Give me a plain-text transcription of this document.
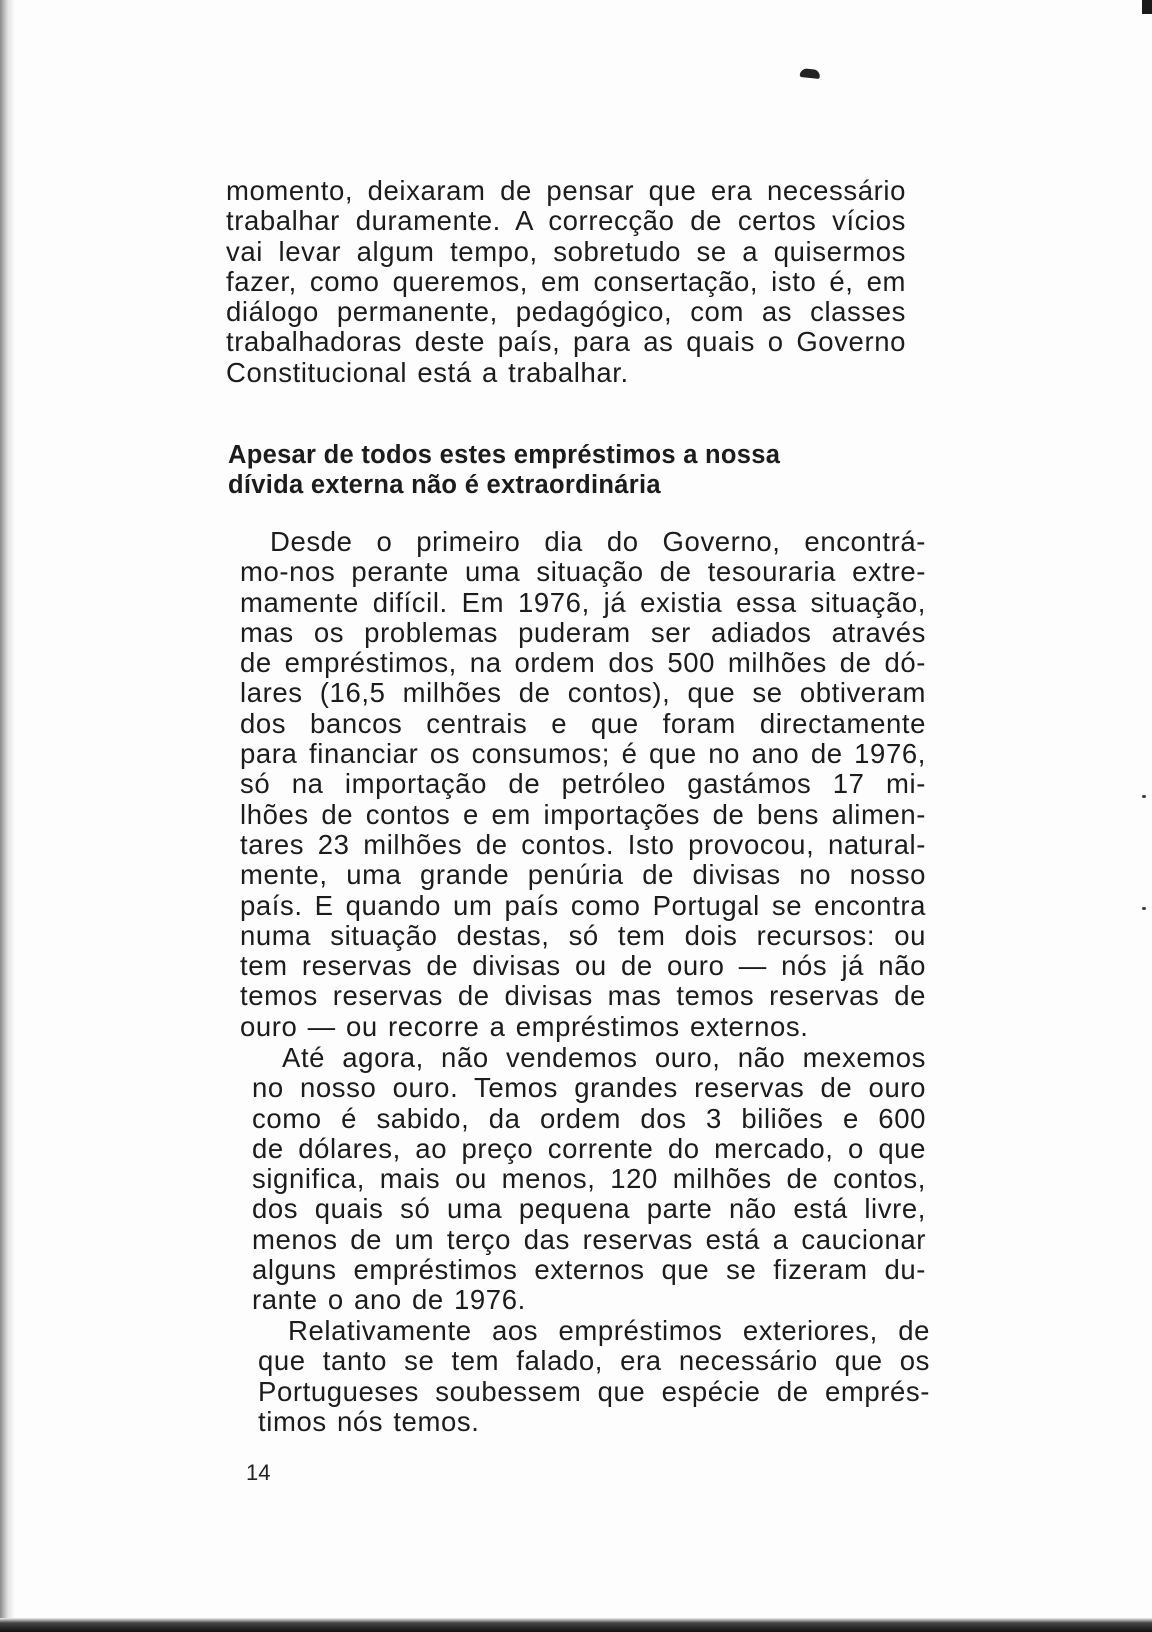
momento, deixaram de pensar que era necessário
trabalhar duramente. A correcção de certos vícios
vai levar algum tempo, sobretudo se a quisermos
fazer, como queremos, em consertação, isto é, em
diálogo permanente, pedagógico, com as classes
trabalhadoras deste país, para as quais o Governo
Constitucional está a trabalhar.
Apesar de todos estes empréstimos a nossa
dívida externa não é extraordinária
Desde o primeiro dia do Governo, encontrá-
mo-nos perante uma situação de tesouraria extre-
mamente difícil. Em 1976, já existia essa situação,
mas os problemas puderam ser adiados através
de empréstimos, na ordem dos 500 milhões de dó-
lares (16,5 milhões de contos), que se obtiveram
dos bancos centrais e que foram directamente
para financiar os consumos; é que no ano de 1976,
só na importação de petróleo gastámos 17 mi-
lhões de contos e em importações de bens alimen-
tares 23 milhões de contos. Isto provocou, natural-
mente, uma grande penúria de divisas no nosso
país. E quando um país como Portugal se encontra
numa situação destas, só tem dois recursos: ou
tem reservas de divisas ou de ouro — nós já não
temos reservas de divisas mas temos reservas de
ouro — ou recorre a empréstimos externos.
Até agora, não vendemos ouro, não mexemos
no nosso ouro. Temos grandes reservas de ouro
como é sabido, da ordem dos 3 biliões e 600
de dólares, ao preço corrente do mercado, o que
significa, mais ou menos, 120 milhões de contos,
dos quais só uma pequena parte não está livre,
menos de um terço das reservas está a caucionar
alguns empréstimos externos que se fizeram du-
rante o ano de 1976.
Relativamente aos empréstimos exteriores, de
que tanto se tem falado, era necessário que os
Portugueses soubessem que espécie de emprés-
timos nós temos.
14
